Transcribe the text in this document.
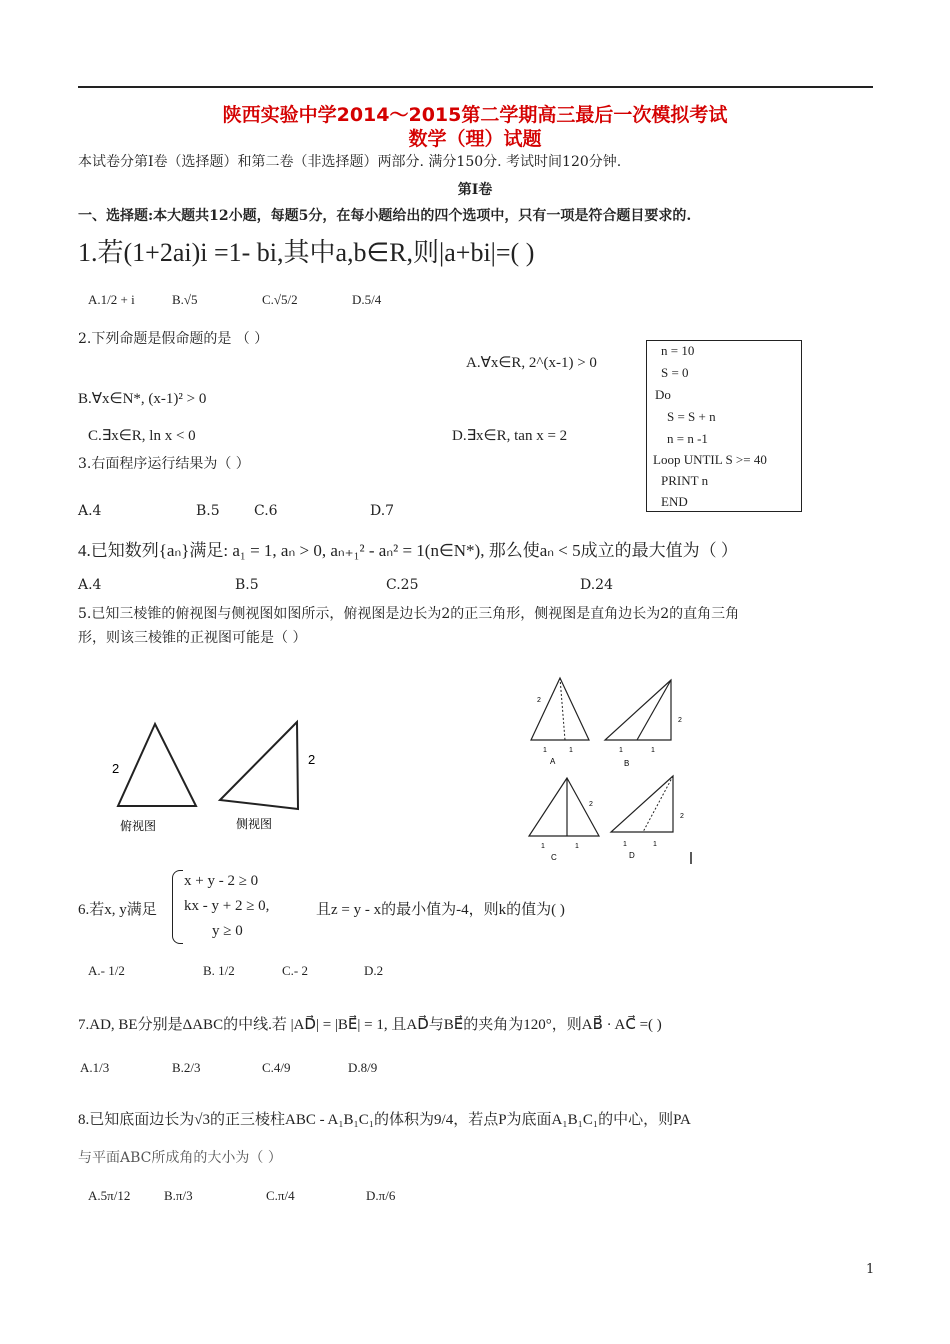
陕西实验中学2014～2015第二学期高三最后一次模拟考试
数学（理）试题
本试卷分第Ⅰ卷（选择题）和第二卷（非选择题）两部分. 满分150分. 考试时间120分钟.
第Ⅰ卷
一、选择题:本大题共12小题，每题5分，在每小题给出的四个选项中，只有一项是符合题目要求的.
1.若(1+2ai)i =1- bi,其中a,b∈R,则|a+bi|=( )
A.1/2 + i	B.√5	C.√5/2	D.5/4
2.下列命题是假命题的是 （ ）
A.∀x∈R, 2^(x-1) > 0
B.∀x∈N*, (x-1)² > 0
C.∃x∈R, ln x < 0	D.∃x∈R, tan x = 2
n = 10
S = 0
Do
S = S + n
n = n -1
Loop UNTIL S >= 40
PRINT n
END
3.右面程序运行结果为（ ）
A.4	B.5 C.6	D.7
4.已知数列{aₙ}满足: a₁ = 1, aₙ > 0, aₙ₊₁² - aₙ² = 1(n∈N*), 那么使aₙ < 5成立的最大值为（ ）
A.4	B.5	C.25	D.24
5.已知三棱锥的俯视图与侧视图如图所示，俯视图是边长为2的正三角形，侧视图是直角边长为2的直角三角
形，则该三棱锥的正视图可能是（ ）
2
2
俯视图	侧视图
2
1	1
A
2
1	1
B
2
1	1
C
2
1	1
D
6.若x, y满足
x + y - 2 ≥ 0
kx - y + 2 ≥ 0,
y ≥ 0
且z = y - x的最小值为-4，则k的值为( )
A.- 1/2	B. 1/2	C.- 2	D.2
7.AD, BE分别是ΔABC的中线.若 |AD⃗| = |BE⃗| = 1, 且AD⃗与BE⃗的夹角为120°，则AB⃗ · AC⃗ =( )
A.1/3	B.2/3	C.4/9	D.8/9
8.已知底面边长为√3的正三棱柱ABC - A₁B₁C₁的体积为9/4，若点P为底面A₁B₁C₁的中心，则PA
与平面ABC所成角的大小为（ ）
A.5π/12	B.π/3	C.π/4	D.π/6
1
